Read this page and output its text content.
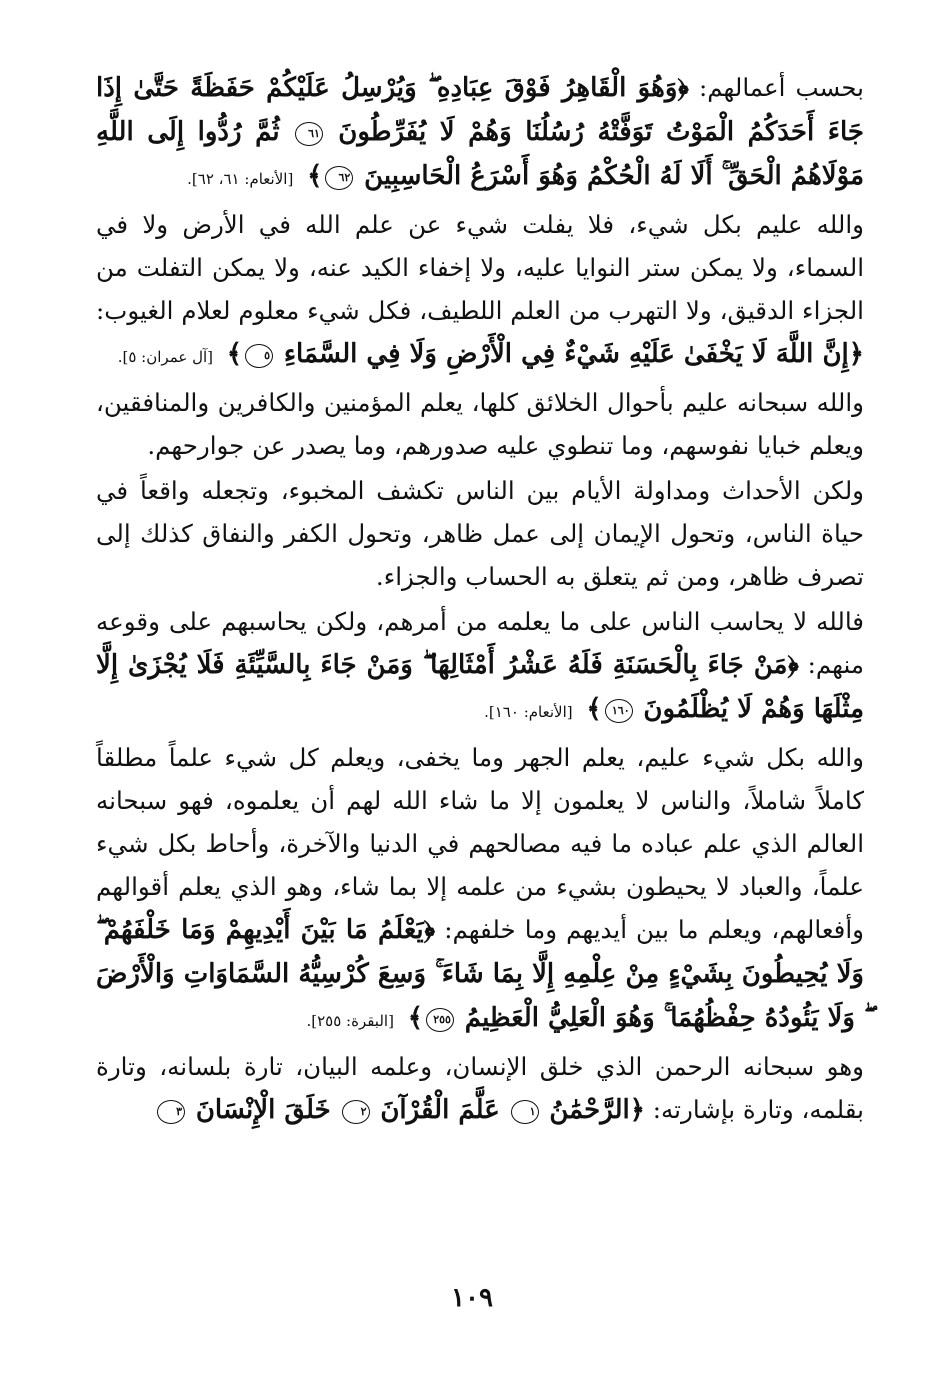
بحسب أعمالهم: ﴿وَهُوَ الْقَاهِرُ فَوْقَ عِبَادِهِ ۖ وَيُرْسِلُ عَلَيْكُمْ حَفَظَةً حَتَّىٰ إِذَا جَاءَ أَحَدَكُمُ الْمَوْتُ تَوَفَّتْهُ رُسُلُنَا وَهُمْ لَا يُفَرِّطُونَ ٦١ ثُمَّ رُدُّوا إِلَى اللَّهِ مَوْلَاهُمُ الْحَقِّ ۚ أَلَا لَهُ الْحُكْمُ وَهُوَ أَسْرَعُ الْحَاسِبِينَ ٦٢﴾ [الأنعام: ٦١، ٦٢].

والله عليم بكل شيء، فلا يفلت شيء عن علم الله في الأرض ولا في السماء، ولا يمكن ستر النوايا عليه، ولا إخفاء الكيد عنه، ولا يمكن التفلت من الجزاء الدقيق، ولا التهرب من العلم اللطيف، فكل شيء معلوم لعلام الغيوب: ﴿إِنَّ اللَّهَ لَا يَخْفَىٰ عَلَيْهِ شَيْءٌ فِي الْأَرْضِ وَلَا فِي السَّمَاءِ ٥﴾ [آل عمران: ٥].

والله سبحانه عليم بأحوال الخلائق كلها، يعلم المؤمنين والكافرين والمنافقين، ويعلم خبايا نفوسهم، وما تنطوي عليه صدورهم، وما يصدر عن جوارحهم.

ولكن الأحداث ومداولة الأيام بين الناس تكشف المخبوء، وتجعله واقعاً في حياة الناس، وتحول الإيمان إلى عمل ظاهر، وتحول الكفر والنفاق كذلك إلى تصرف ظاهر، ومن ثم يتعلق به الحساب والجزاء.

فالله لا يحاسب الناس على ما يعلمه من أمرهم، ولكن يحاسبهم على وقوعه منهم: ﴿مَنْ جَاءَ بِالْحَسَنَةِ فَلَهُ عَشْرُ أَمْثَالِهَا ۖ وَمَنْ جَاءَ بِالسَّيِّئَةِ فَلَا يُجْزَىٰ إِلَّا مِثْلَهَا وَهُمْ لَا يُظْلَمُونَ ١٦٠﴾ [الأنعام: ١٦٠].

والله بكل شيء عليم، يعلم الجهر وما يخفى، ويعلم كل شيء علماً مطلقاً كاملاً شاملاً، والناس لا يعلمون إلا ما شاء الله لهم أن يعلموه، فهو سبحانه العالم الذي علم عباده ما فيه مصالحهم في الدنيا والآخرة، وأحاط بكل شيء علماً، والعباد لا يحيطون بشيء من علمه إلا بما شاء، وهو الذي يعلم أقوالهم وأفعالهم، ويعلم ما بين أيديهم وما خلفهم: ﴿يَعْلَمُ مَا بَيْنَ أَيْدِيهِمْ وَمَا خَلْفَهُمْ ۖ وَلَا يُحِيطُونَ بِشَيْءٍ مِنْ عِلْمِهِ إِلَّا بِمَا شَاءَ ۚ وَسِعَ كُرْسِيُّهُ السَّمَاوَاتِ وَالْأَرْضَ ۖ وَلَا يَئُودُهُ حِفْظُهُمَا ۚ وَهُوَ الْعَلِيُّ الْعَظِيمُ ٢٥٥﴾ [البقرة: ٢٥٥].

وهو سبحانه الرحمن الذي خلق الإنسان، وعلمه البيان، تارة بلسانه، وتارة بقلمه، وتارة بإشارته: ﴿الرَّحْمَٰنُ ١ عَلَّمَ الْقُرْآنَ ٢ خَلَقَ الْإِنْسَانَ ٣

١٠٩
